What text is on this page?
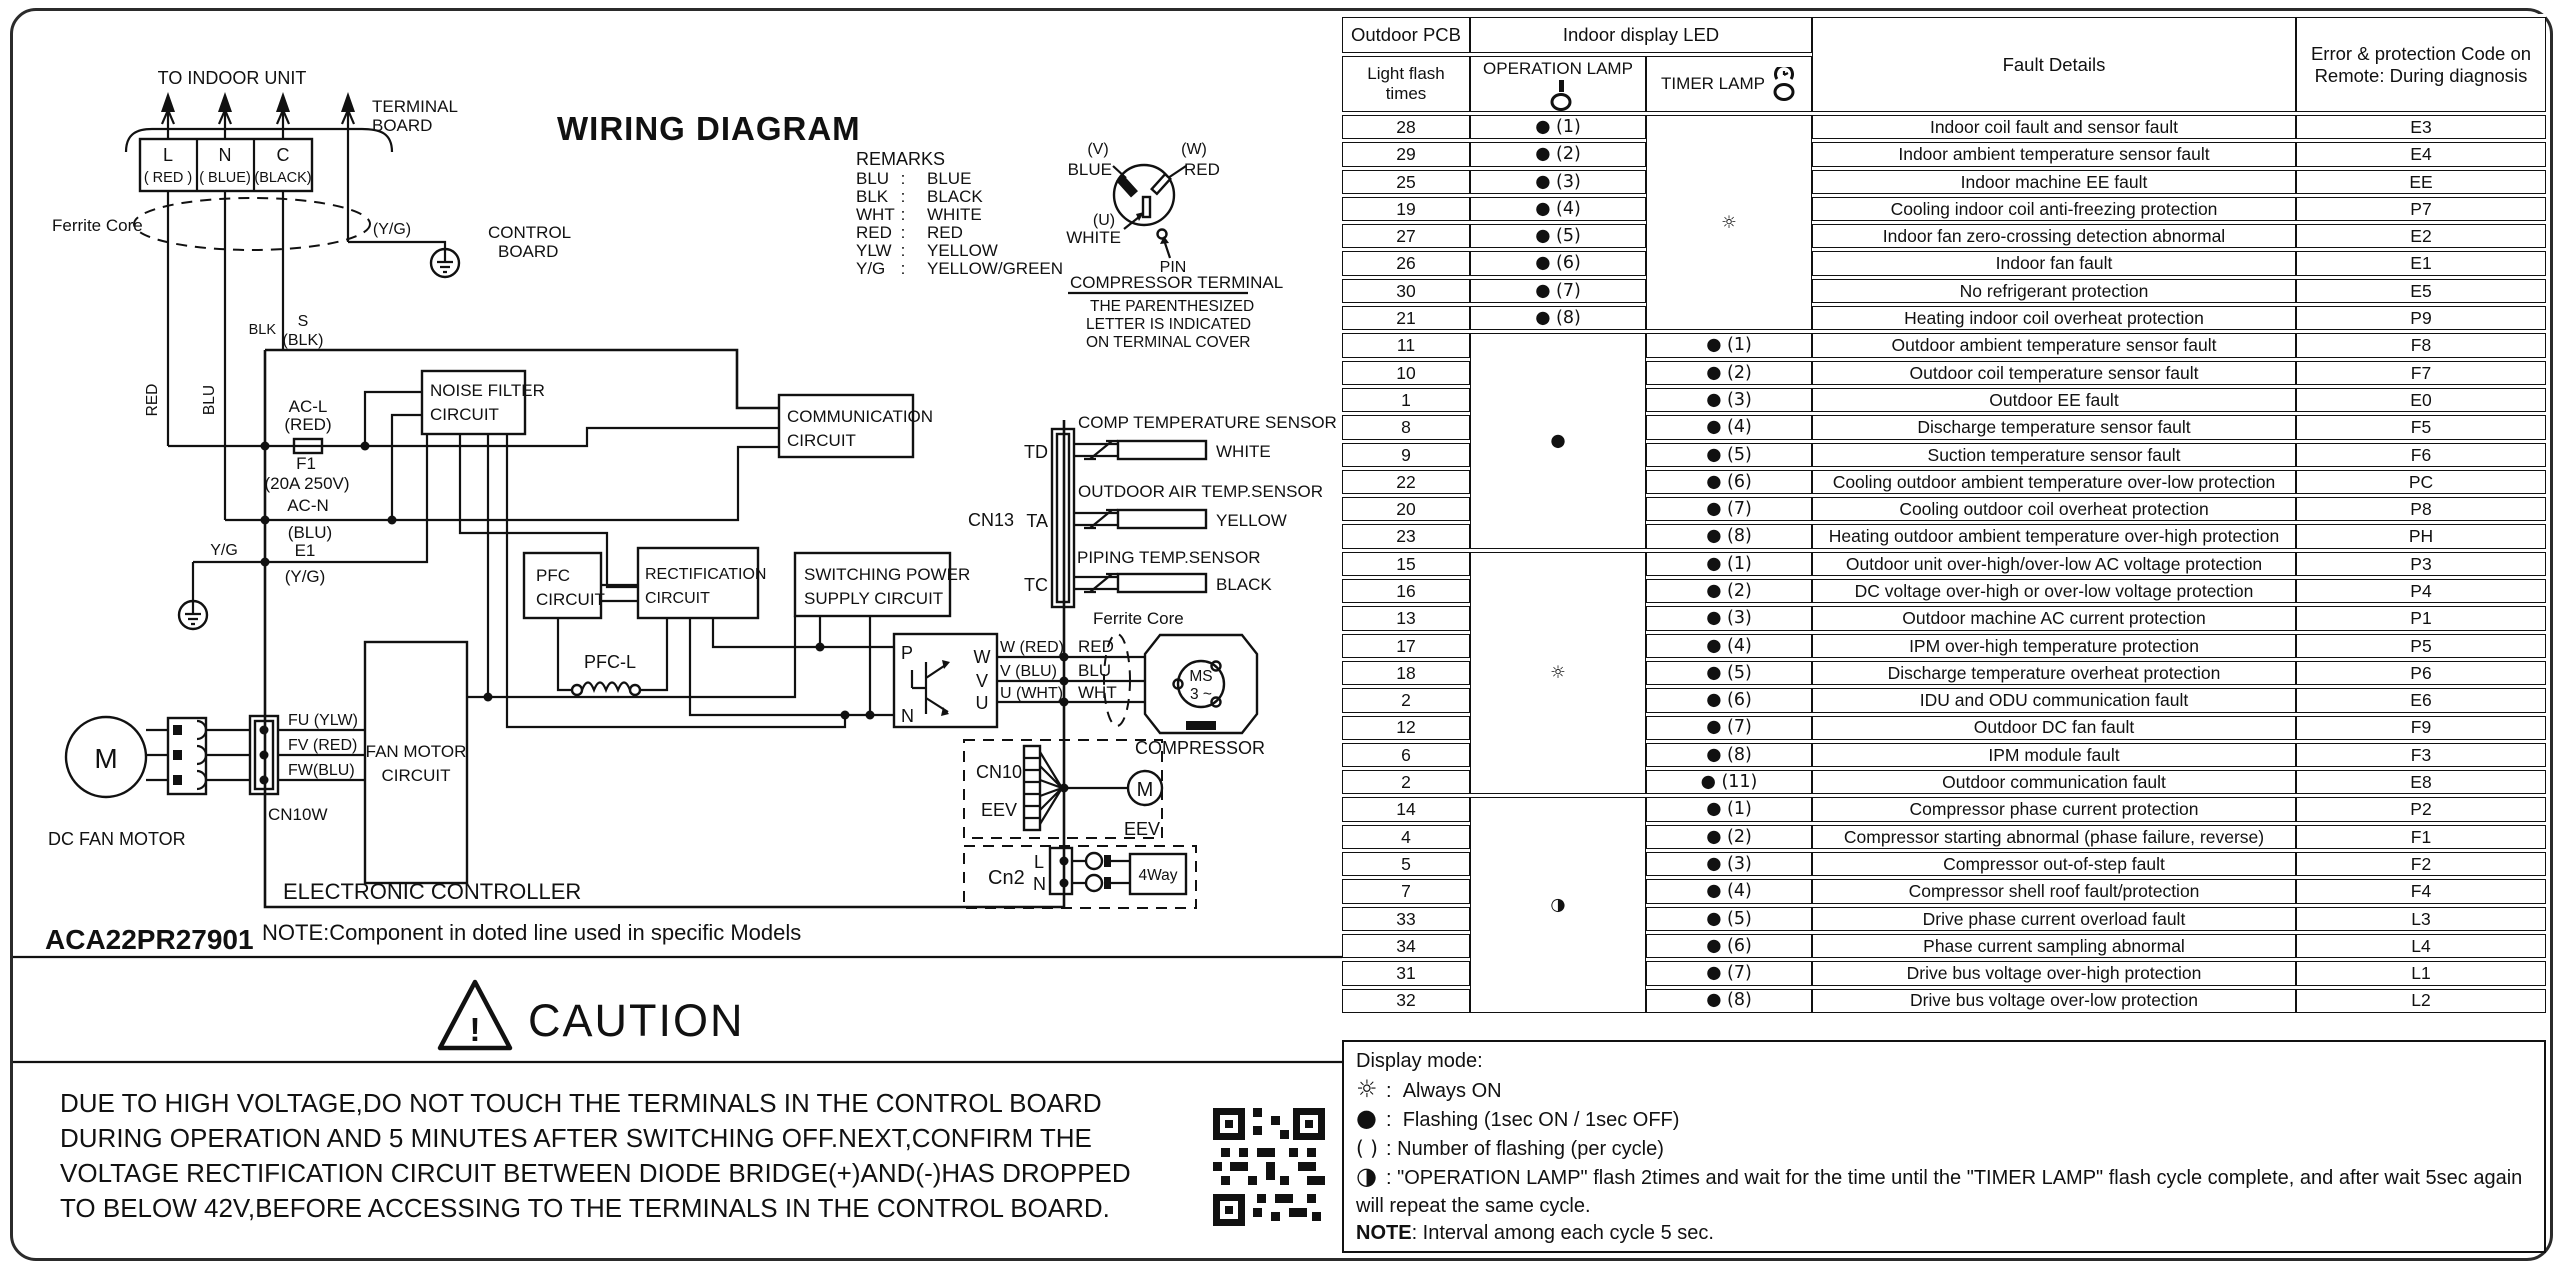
WIRING DIAGRAM
TO INDOOR UNIT
TERMINAL
BOARD
L
( RED )
N
( BLUE)
C
(BLACK)
Ferrite Core	(Y/G)	CONTROL
BOARD
REMARKS
BLU : BLUE
BLK : BLACK
WHT : WHITE
RED : RED
YLW : YELLOW
Y/G : YELLOW/GREEN
(V)
BLUE
(W)
RED
(U)
WHITE
PIN
COMPRESSOR TERMINAL
THE PARENTHESIZED
LETTER IS INDICATED
ON TERMINAL COVER
RED	BLU
BLK S
(BLK)
AC-L
(RED)
F1
(20A 250V)
AC-N
(BLU)
E1
(Y/G)
Y/G
NOISE FILTER
CIRCUIT	COMMUNICATION
CIRCUIT
PFC
CIRCUIT
RECTIFICATION
CIRCUIT
SWITCHING POWER
SUPPLY CIRCUIT
PFC-L	P
N
W
V
U
W (RED)
V (BLU)
U (WHT)
RED
BLU
WHT
Ferrite Core
MS
3 ~
COMPRESSOR
CN10
EEV
M
EEV
4Way
Cn2
L
N
FAN MOTOR
CIRCUIT
M
DC FAN MOTOR
FU (YLW)
FV (RED)
FW(BLU)
CN10W
CN13
TD
TA
TC
COMP TEMPERATURE SENSOR
WHITE
OUTDOOR AIR TEMP.SENSOR
YELLOW
PIPING TEMP.SENSOR
BLACK
ELECTRONIC CONTROLLER
ACA22PR27901 NOTE:Component in doted line used in specific Models
! CAUTION
DUE TO HIGH VOLTAGE,DO NOT TOUCH THE TERMINALS IN THE CONTROL BOARD
DURING OPERATION AND 5 MINUTES AFTER SWITCHING OFF.NEXT,CONFIRM THE
VOLTAGE RECTIFICATION CIRCUIT BETWEEN DIODE BRIDGE(+)AND(-)HAS DROPPED
TO BELOW 42V,BEFORE ACCESSING TO THE TERMINALS IN THE CONTROL BOARD.
Outdoor PCB	Indoor display LED		Fault Details	Error & protection Code on
Remote: During diagnosis

Light flash times	OPERATION LAMP	TIMER LAMP		
28	● (1)	☼	Indoor coil fault and sensor fault	E3
29	● (2)		Indoor ambient temperature sensor fault	E4
25	● (3)		Indoor machine EE fault	EE
19	● (4)		Cooling indoor coil anti-freezing protection	P7
27	● (5)		Indoor fan zero-crossing detection abnormal	E2
26	● (6)		Indoor fan fault	E1
30	● (7)		No refrigerant protection	E5
21	● (8)		Heating indoor coil overheat protection	P9
11	●	● (1)	Outdoor ambient temperature sensor fault	F8
10		● (2)	Outdoor coil temperature sensor fault	F7
1		● (3)	Outdoor EE fault	E0
8		● (4)	Discharge temperature sensor fault	F5
9		● (5)	Suction temperature sensor fault	F6
22		● (6)	Cooling outdoor ambient temperature over-low protection	PC
20		● (7)	Cooling outdoor coil overheat protection	P8
23		● (8)	Heating outdoor ambient temperature over-high protection	PH
15	☼	● (1)	Outdoor unit over-high/over-low AC voltage protection	P3
16		● (2)	DC voltage over-high or over-low voltage protection	P4
13		● (3)	Outdoor machine AC current protection	P1
17		● (4)	IPM over-high temperature protection	P5
18		● (5)	Discharge temperature overheat protection	P6
2		● (6)	IDU and ODU communication fault	E6
12		● (7)	Outdoor DC fan fault	F9
6		● (8)	IPM module fault	F3
2		● (11)	Outdoor communication fault	E8
14	◑	● (1)	Compressor phase current protection	P2
4		● (2)	Compressor starting abnormal (phase failure, reverse)	F1
5		● (3)	Compressor out-of-step fault	F2
7		● (4)	Compressor shell roof fault/protection	F4
33		● (5)	Drive phase current overload fault	L3
34		● (6)	Phase current sampling abnormal	L4
31		● (7)	Drive bus voltage over-high protection	L1
32		● (8)	Drive bus voltage over-low protection	L2
Display mode:
☼ : Always ON
● : Flashing (1sec ON / 1sec OFF)
( ) : Number of flashing (per cycle)
◑ : "OPERATION LAMP" flash 2times and wait for the time until the "TIMER LAMP" flash cycle complete, and after wait 5sec again will repeat the same cycle.
NOTE: Interval among each cycle 5 sec.
